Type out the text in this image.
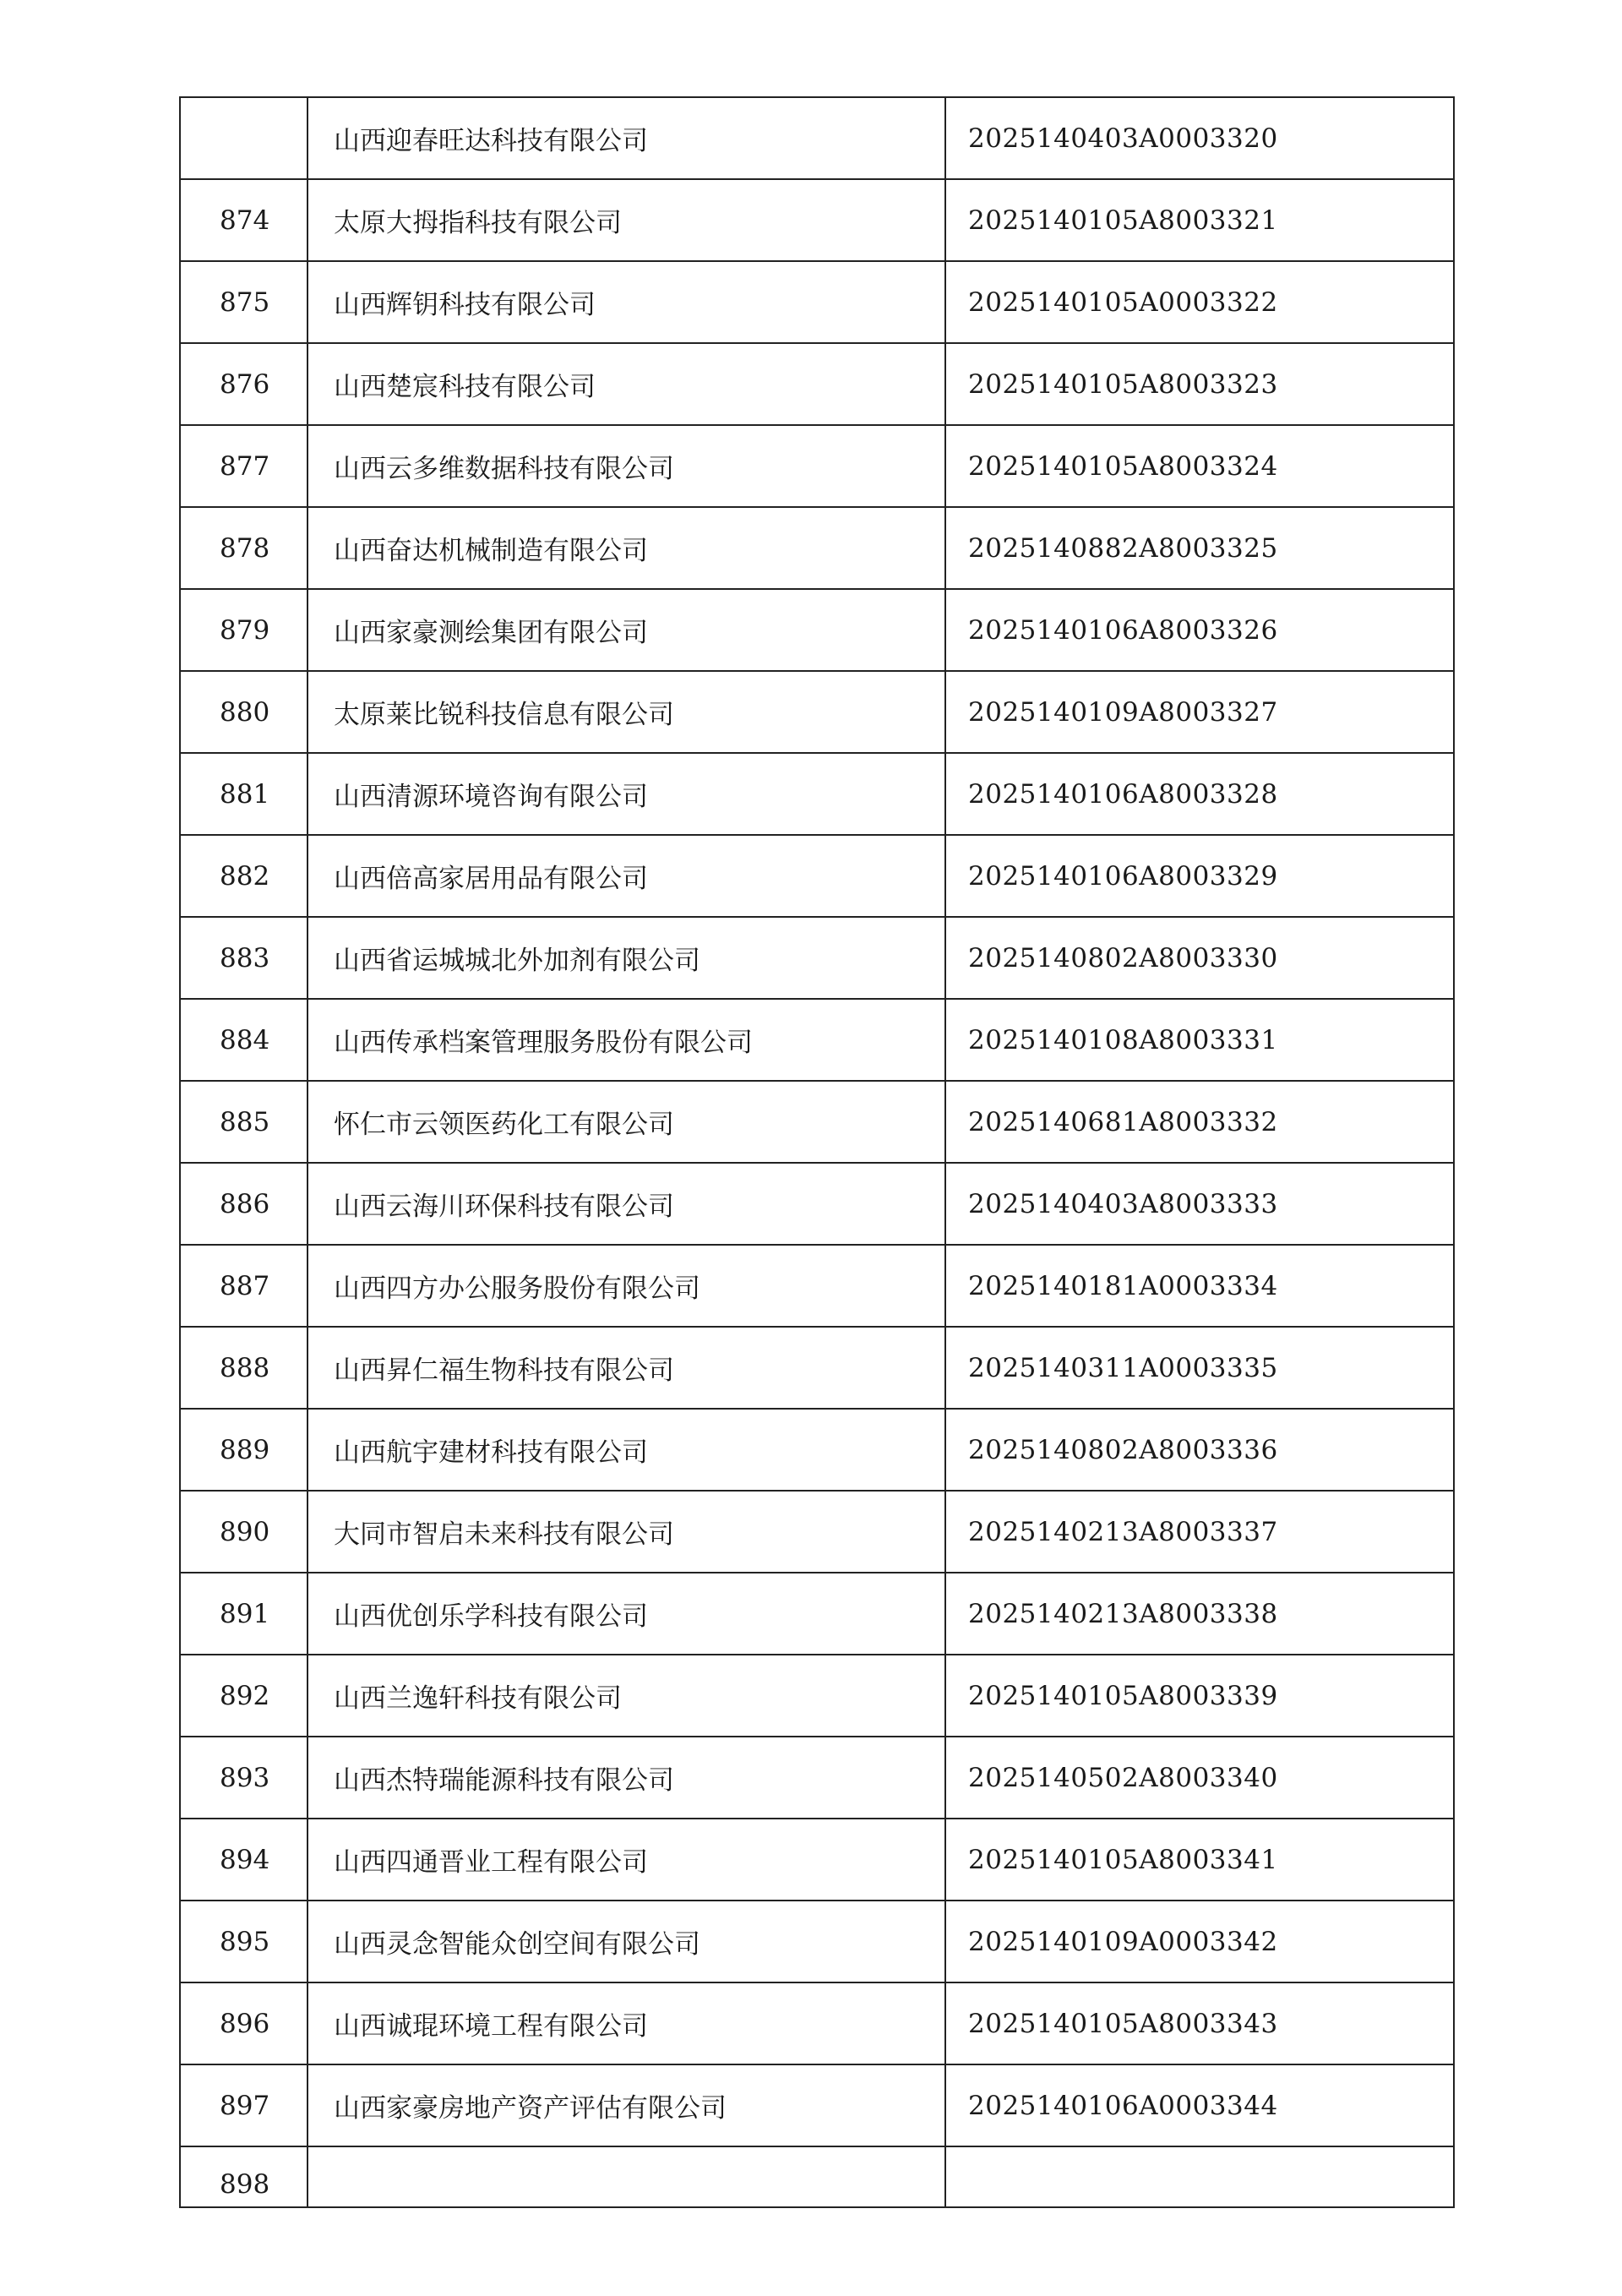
	山西迎春旺达科技有限公司	2025140403A0003320
874	太原大拇指科技有限公司	2025140105A8003321
875	山西辉钥科技有限公司	2025140105A0003322
876	山西楚宸科技有限公司	2025140105A8003323
877	山西云多维数据科技有限公司	2025140105A8003324
878	山西奋达机械制造有限公司	2025140882A8003325
879	山西家豪测绘集团有限公司	2025140106A8003326
880	太原莱比锐科技信息有限公司	2025140109A8003327
881	山西清源环境咨询有限公司	2025140106A8003328
882	山西倍高家居用品有限公司	2025140106A8003329
883	山西省运城城北外加剂有限公司	2025140802A8003330
884	山西传承档案管理服务股份有限公司	2025140108A8003331
885	怀仁市云领医药化工有限公司	2025140681A8003332
886	山西云海川环保科技有限公司	2025140403A8003333
887	山西四方办公服务股份有限公司	2025140181A0003334
888	山西昇仁福生物科技有限公司	2025140311A0003335
889	山西航宇建材科技有限公司	2025140802A8003336
890	大同市智启未来科技有限公司	2025140213A8003337
891	山西优创乐学科技有限公司	2025140213A8003338
892	山西兰逸轩科技有限公司	2025140105A8003339
893	山西杰特瑞能源科技有限公司	2025140502A8003340
894	山西四通晋业工程有限公司	2025140105A8003341
895	山西灵念智能众创空间有限公司	2025140109A0003342
896	山西诚琨环境工程有限公司	2025140105A8003343
897	山西家豪房地产资产评估有限公司	2025140106A0003344
898		
